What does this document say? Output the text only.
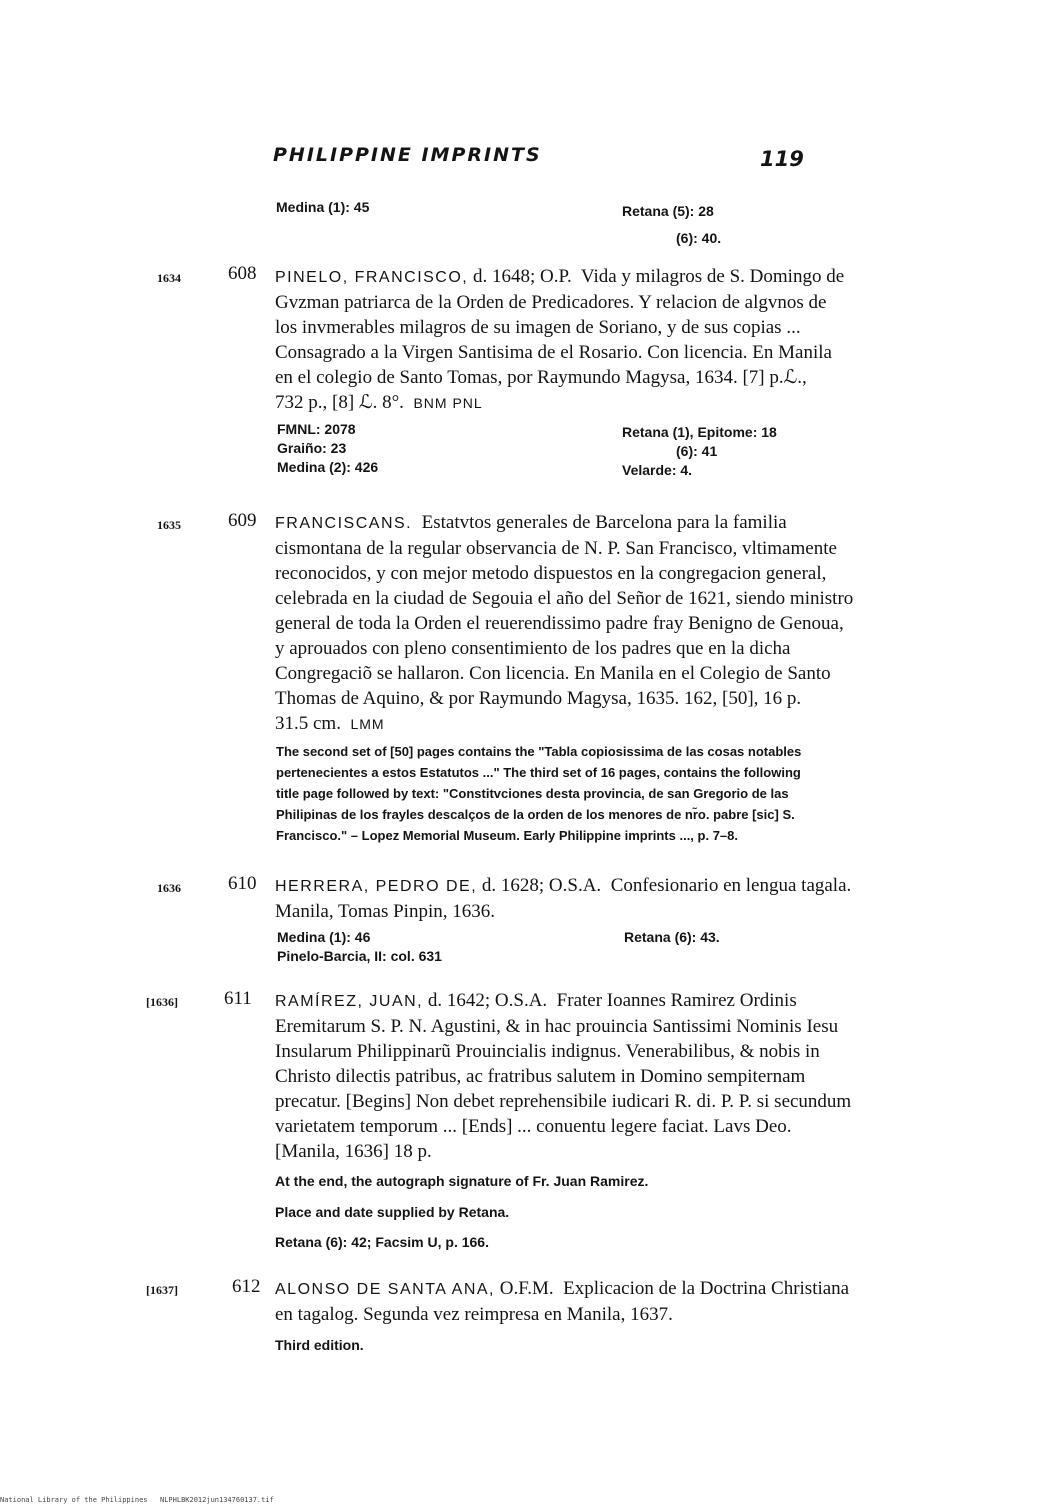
PHILIPPINE IMPRINTS	119
Medina (1): 45	Retana (5): 28
(6): 40.
1634 608 PINELO, FRANCISCO, d. 1648; O.P. Vida y milagros de S. Domingo de
Gvzman patriarca de la Orden de Predicadores. Y relacion de algvnos de
los invmerables milagros de su imagen de Soriano, y de sus copias ...
Consagrado a la Virgen Santisima de el Rosario. Con licencia. En Manila
en el colegio de Santo Tomas, por Raymundo Magysa, 1634. [7] p.ℒ.,
732 p., [8] ℒ. 8°. BNM PNL
FMNL: 2078
Graiño: 23
Medina (2): 426
Retana (1), Epitome: 18
(6): 41
Velarde: 4.
1635 609 FRANCISCANS. Estatvtos generales de Barcelona para la familia
cismontana de la regular observancia de N. P. San Francisco, vltimamente
reconocidos, y con mejor metodo dispuestos en la congregacion general,
celebrada en la ciudad de Segouia el año del Señor de 1621, siendo ministro
general de toda la Orden el reuerendissimo padre fray Benigno de Genoua,
y aprouados con pleno consentimiento de los padres que en la dicha
Congregaciõ se hallaron. Con licencia. En Manila en el Colegio de Santo
Thomas de Aquino, & por Raymundo Magysa, 1635. 162, [50], 16 p.
31.5 cm. LMM
The second set of [50] pages contains the "Tabla copiosissima de las cosas notables
pertenecientes a estos Estatutos ..." The third set of 16 pages, contains the following
title page followed by text: "Constitvciones desta provincia, de san Gregorio de las
Philipinas de los frayles descalços de la orden de los menores de nr̃o. pabre [sic] S.
Francisco." – Lopez Memorial Museum. Early Philippine imprints ..., p. 7–8.
1636 610 HERRERA, PEDRO DE, d. 1628; O.S.A. Confesionario en lengua tagala.
Manila, Tomas Pinpin, 1636.
Medina (1): 46
Pinelo-Barcia, II: col. 631
Retana (6): 43.
[1636] 611 RAMÍREZ, JUAN, d. 1642; O.S.A. Frater Ioannes Ramirez Ordinis
Eremitarum S. P. N. Agustini, & in hac prouincia Santissimi Nominis Iesu
Insularum Philippinarũ Prouincialis indignus. Venerabilibus, & nobis in
Christo dilectis patribus, ac fratribus salutem in Domino sempiternam
precatur. [Begins] Non debet reprehensibile iudicari R. di. P. P. si secundum
varietatem temporum ... [Ends] ... conuentu legere faciat. Lavs Deo.
[Manila, 1636] 18 p.
At the end, the autograph signature of Fr. Juan Ramirez.
Place and date supplied by Retana.
Retana (6): 42; Facsim U, p. 166.
[1637]	612 ALONSO DE SANTA ANA, O.F.M. Explicacion de la Doctrina Christiana
en tagalog. Segunda vez reimpresa en Manila, 1637.
Third edition.
National Library of the Philippines NLPHLBK2012jun134760137.tif
